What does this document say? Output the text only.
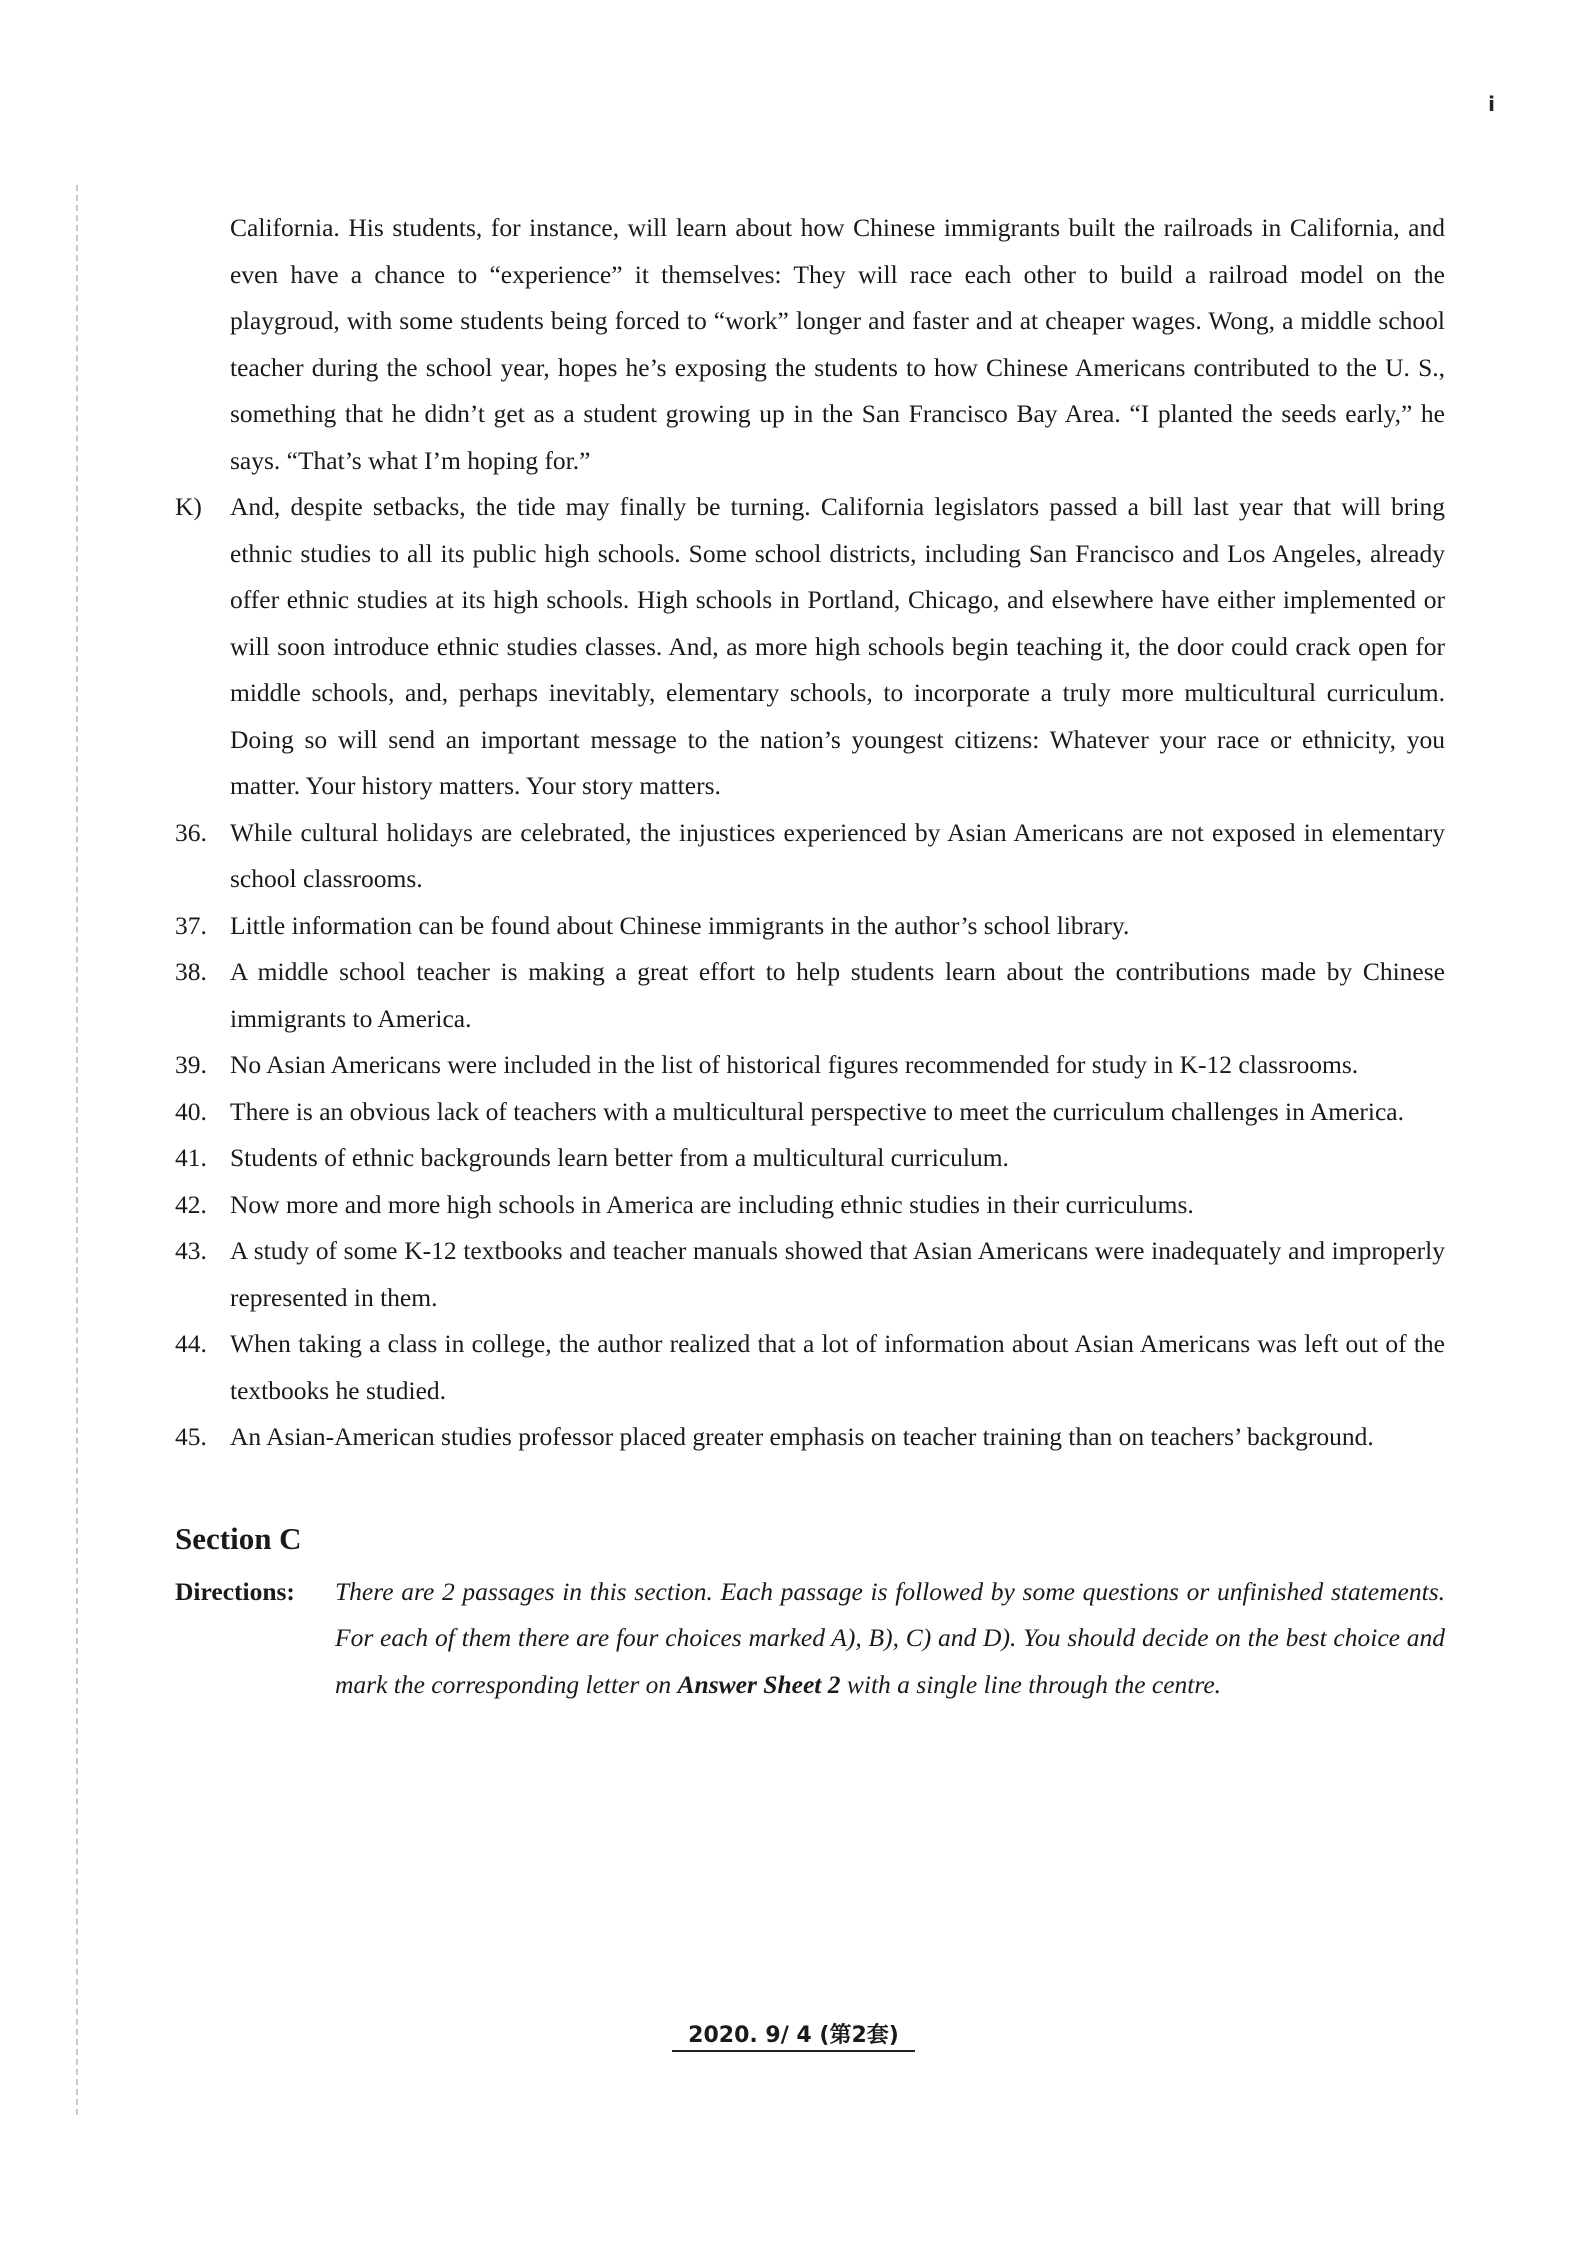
i

California. His students, for instance, will learn about how Chinese immigrants built the railroads in California, and even have a chance to “experience” it themselves: They will race each other to build a railroad model on the playgroud, with some students being forced to “work” longer and faster and at cheaper wages. Wong, a middle school teacher during the school year, hopes he’s exposing the students to how Chinese Americans contributed to the U. S., something that he didn’t get as a student growing up in the San Francisco Bay Area. “I planted the seeds early,” he says. “That’s what I’m hoping for.”

K) And, despite setbacks, the tide may finally be turning. California legislators passed a bill last year that will bring ethnic studies to all its public high schools. Some school districts, including San Francisco and Los Angeles, already offer ethnic studies at its high schools. High schools in Portland, Chicago, and elsewhere have either implemented or will soon introduce ethnic studies classes. And, as more high schools begin teaching it, the door could crack open for middle schools, and, perhaps inevitably, elementary schools, to incorporate a truly more multicultural curriculum. Doing so will send an important message to the nation’s youngest citizens: Whatever your race or ethnicity, you matter. Your history matters. Your story matters.
36. While cultural holidays are celebrated, the injustices experienced by Asian Americans are not exposed in elementary school classrooms.
37. Little information can be found about Chinese immigrants in the author’s school library.
38. A middle school teacher is making a great effort to help students learn about the contributions made by Chinese immigrants to America.
39. No Asian Americans were included in the list of historical figures recommended for study in K-12 classrooms.
40. There is an obvious lack of teachers with a multicultural perspective to meet the curriculum challenges in America.
41. Students of ethnic backgrounds learn better from a multicultural curriculum.
42. Now more and more high schools in America are including ethnic studies in their curriculums.
43. A study of some K-12 textbooks and teacher manuals showed that Asian Americans were inadequately and improperly represented in them.
44. When taking a class in college, the author realized that a lot of information about Asian Americans was left out of the textbooks he studied.
45. An Asian-American studies professor placed greater emphasis on teacher training than on teachers’ background.
Section C
Directions: There are 2 passages in this section. Each passage is followed by some questions or unfinished statements. For each of them there are four choices marked A), B), C) and D). You should decide on the best choice and mark the corresponding letter on Answer Sheet 2 with a single line through the centre.
2020. 9/ 4 (第2套)
